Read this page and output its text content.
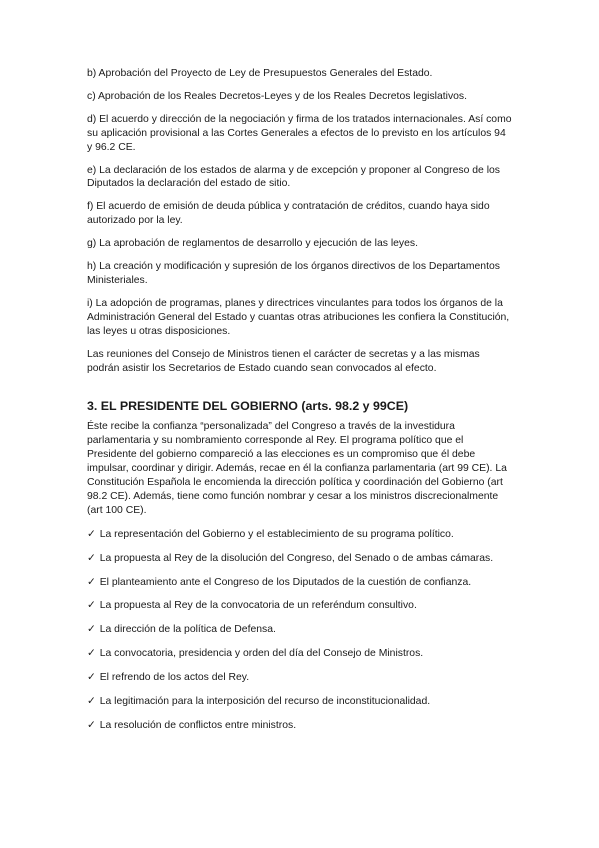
b) Aprobación del Proyecto de Ley de Presupuestos Generales del Estado.

c) Aprobación de los Reales Decretos-Leyes y de los Reales Decretos legislativos.

d) El acuerdo y dirección de la negociación y firma de los tratados internacionales. Así como su aplicación provisional a las Cortes Generales a efectos de lo previsto en los artículos 94 y 96.2 CE.

e) La declaración de los estados de alarma y de excepción y proponer al Congreso de los Diputados la declaración del estado de sitio.

f) El acuerdo de emisión de deuda pública y contratación de créditos, cuando haya sido autorizado por la ley.

g) La aprobación de reglamentos de desarrollo y ejecución de las leyes.

h) La creación y modificación y supresión de los órganos directivos de los Departamentos Ministeriales.

i) La adopción de programas, planes y directrices vinculantes para todos los órganos de la Administración General del Estado y cuantas otras atribuciones les confiera la Constitución, las leyes u otras disposiciones.

Las reuniones del Consejo de Ministros tienen el carácter de secretas y a las mismas podrán asistir los Secretarios de Estado cuando sean convocados al efecto.

3. EL PRESIDENTE DEL GOBIERNO (arts. 98.2 y 99CE)

Éste recibe la confianza “personalizada” del Congreso a través de la investidura parlamentaria y su nombramiento corresponde al Rey. El programa político que el Presidente del gobierno compareció a las elecciones es un compromiso que él debe impulsar, coordinar y dirigir. Además, recae en él la confianza parlamentaria (art 99 CE). La Constitución Española le encomienda la dirección política y coordinación del Gobierno (art 98.2 CE). Además, tiene como función nombrar y cesar a los ministros discrecionalmente (art 100 CE).

✓ La representación del Gobierno y el establecimiento de su programa político.

✓ La propuesta al Rey de la disolución del Congreso, del Senado o de ambas cámaras.

✓ El planteamiento ante el Congreso de los Diputados de la cuestión de confianza.

✓ La propuesta al Rey de la convocatoria de un referéndum consultivo.

✓ La dirección de la política de Defensa.

✓ La convocatoria, presidencia y orden del día del Consejo de Ministros.

✓ El refrendo de los actos del Rey.

✓ La legitimación para la interposición del recurso de inconstitucionalidad.

✓ La resolución de conflictos entre ministros.
